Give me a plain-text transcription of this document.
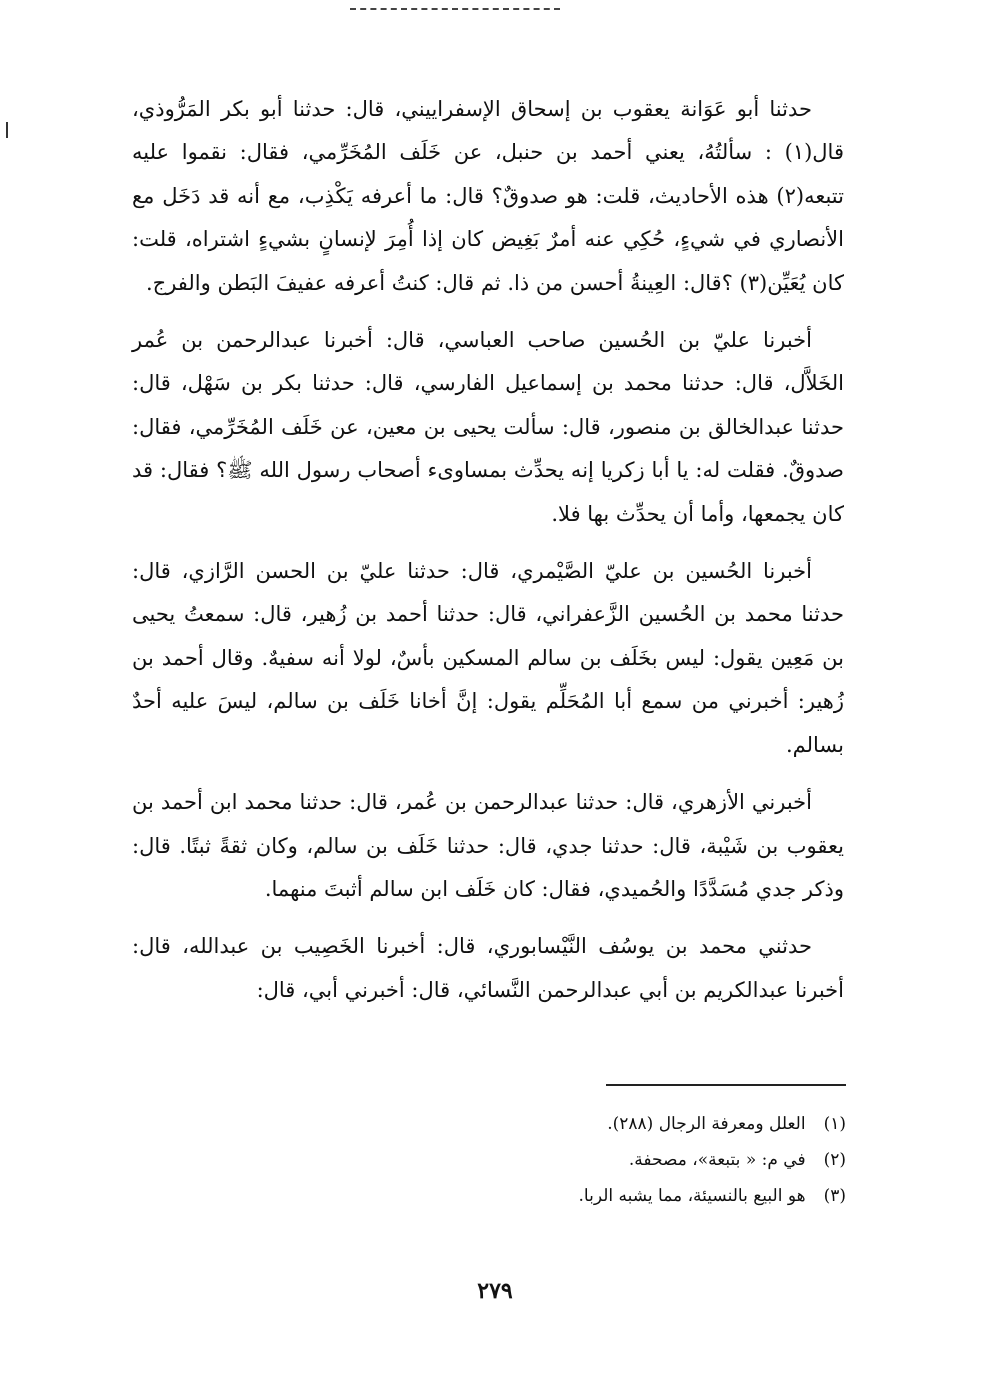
حدثنا أبو عَوَانة يعقوب بن إسحاق الإسفراييني، قال: حدثنا أبو بكر المَرُّوذي، قال(١) : سألتُهُ، يعني أحمد بن حنبل، عن خَلَف المُخَرِّمي، فقال: نقموا عليه تتبعه(٢) هذه الأحاديث، قلت: هو صدوقٌ؟ قال: ما أعرفه يَكْذِب، مع أنه قد دَخَل مع الأنصاري في شيءٍ، حُكِي عنه أمرٌ بَغِيض كان إذا أُمِرَ لإنسانٍ بشيءٍ اشتراه، قلت: كان يُعَيِّن(٣) ؟قال: العِينةُ أحسن من ذا. ثم قال: كنتُ أعرفه عفيفَ البَطن والفرج.

أخبرنا عليّ بن الحُسين صاحب العباسي، قال: أخبرنا عبدالرحمن بن عُمر الخَلاَّل، قال: حدثنا محمد بن إسماعيل الفارسي، قال: حدثنا بكر بن سَهْل، قال: حدثنا عبدالخالق بن منصور، قال: سألت يحيى بن معين، عن خَلَف المُخَرِّمي، فقال: صدوقٌ. فقلت له: يا أبا زكريا إنه يحدِّث بمساوىء أصحاب رسول الله ﷺ؟ فقال: قد كان يجمعها، وأما أن يحدِّث بها فلا.

أخبرنا الحُسين بن عليّ الصَّيْمري، قال: حدثنا عليّ بن الحسن الرَّازي، قال: حدثنا محمد بن الحُسين الزَّعفراني، قال: حدثنا أحمد بن زُهير، قال: سمعتُ يحيى بن مَعِين يقول: ليس بخَلَف بن سالم المسكين بأسٌ، لولا أنه سفيهٌ. وقال أحمد بن زُهير: أخبرني من سمع أبا المُحَلِّم يقول: إنَّ أخانا خَلَف بن سالم، ليسَ عليه أحدٌ بسالم.

أخبرني الأزهري، قال: حدثنا عبدالرحمن بن عُمر، قال: حدثنا محمد ابن أحمد بن يعقوب بن شَيْبة، قال: حدثنا جدي، قال: حدثنا خَلَف بن سالم، وكان ثقةً ثبتًا. قال: وذكر جدي مُسَدَّدًا والحُميدي، فقال: كان خَلَف ابن سالم أثبتَ منهما.

حدثني محمد بن يوسُف النَّيْسابوري، قال: أخبرنا الخَصِيب بن عبدالله، قال: أخبرنا عبدالكريم بن أبي عبدالرحمن النَّسائي، قال: أخبرني أبي، قال:

(١)العلل ومعرفة الرجال (٢٨٨).
(٢)في م: « بتبعة»، مصحفة.
(٣)هو البيع بالنسيئة، مما يشبه الربا.
٢٧٩
